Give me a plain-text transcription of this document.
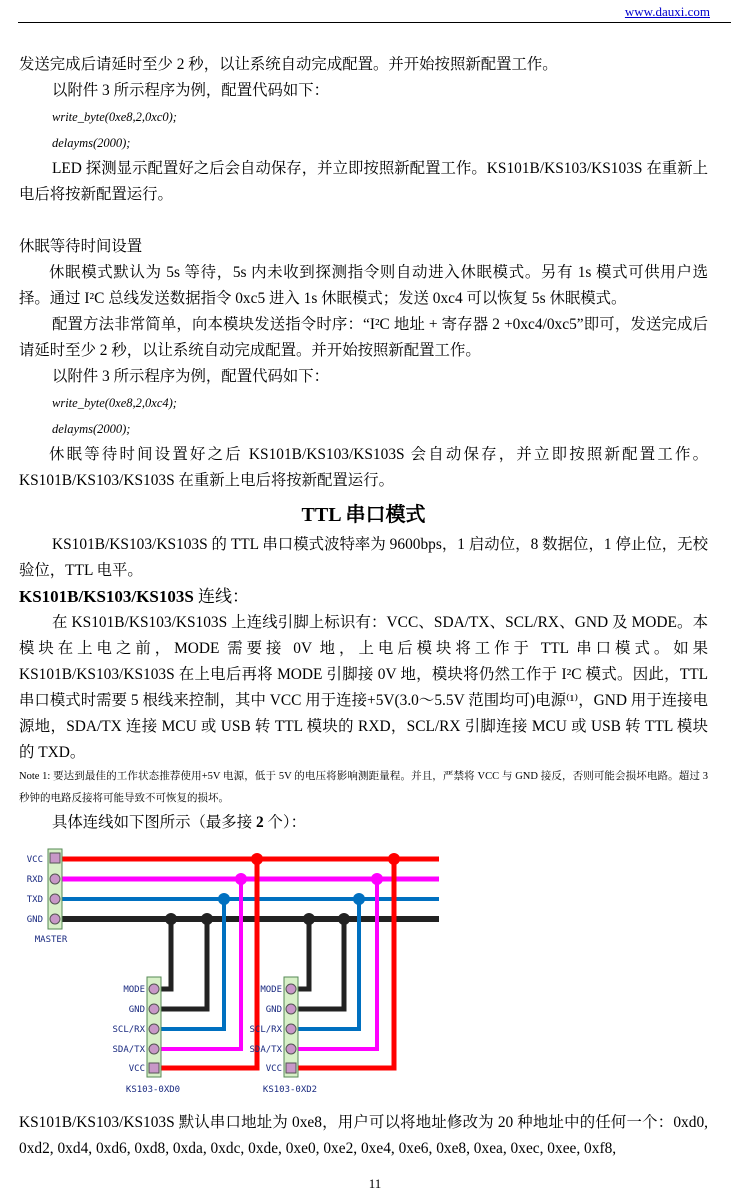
www.dauxi.com

发送完成后请延时至少 2 秒，以让系统自动完成配置。并开始按照新配置工作。

以附件 3 所示程序为例，配置代码如下：

write_byte(0xe8,2,0xc0);

delayms(2000);

LED 探测显示配置好之后会自动保存，并立即按照新配置工作。KS101B/KS103/KS103S 在重新上电后将按新配置运行。

休眠等待时间设置

休眠模式默认为 5s 等待，5s 内未收到探测指令则自动进入休眠模式。另有 1s 模式可供用户选择。通过 I²C 总线发送数据指令 0xc5 进入 1s 休眠模式；发送 0xc4 可以恢复 5s 休眠模式。

配置方法非常简单，向本模块发送指令时序：“I²C 地址 + 寄存器 2 +0xc4/0xc5”即可，发送完成后请延时至少 2 秒，以让系统自动完成配置。并开始按照新配置工作。

以附件 3 所示程序为例，配置代码如下：

write_byte(0xe8,2,0xc4);

delayms(2000);

休眠等待时间设置好之后 KS101B/KS103/KS103S 会自动保存，并立即按照新配置工作。KS101B/KS103/KS103S 在重新上电后将按新配置运行。

TTL 串口模式

KS101B/KS103/KS103S 的 TTL 串口模式波特率为 9600bps，1 启动位，8 数据位，1 停止位，无校验位，TTL 电平。

KS101B/KS103/KS103S 连线：

在 KS101B/KS103/KS103S 上连线引脚上标识有：VCC、SDA/TX、SCL/RX、GND 及 MODE。本模块在上电之前，MODE 需要接 0V 地，上电后模块将工作于 TTL 串口模式。如果 KS101B/KS103/KS103S 在上电后再将 MODE 引脚接 0V 地，模块将仍然工作于 I²C 模式。因此，TTL 串口模式时需要 5 根线来控制，其中 VCC 用于连接+5V(3.0～5.5V 范围均可)电源⁽¹⁾，GND 用于连接电源地，SDA/TX 连接 MCU 或 USB 转 TTL 模块的 RXD，SCL/RX 引脚连接 MCU 或 USB 转 TTL 模块的 TXD。

Note 1: 要达到最佳的工作状态推荐使用+5V 电源，低于 5V 的电压将影响测距量程。并且，严禁将 VCC 与 GND 接反，否则可能会损坏电路。超过 3 秒钟的电路反接将可能导致不可恢复的损坏。

具体连线如下图所示（最多接 2 个）：

VCC
RXD
TXD
GND
MASTER
MODE
GND
SCL/RX
SDA/TX
VCC
KS103-0XD0
MODE
GND
SCL/RX
SDA/TX
VCC
KS103-0XD2

KS101B/KS103/KS103S 默认串口地址为 0xe8，用户可以将地址修改为 20 种地址中的任何一个：0xd0, 0xd2, 0xd4, 0xd6, 0xd8, 0xda, 0xdc, 0xde, 0xe0, 0xe2, 0xe4, 0xe6, 0xe8, 0xea, 0xec, 0xee, 0xf8,

11
